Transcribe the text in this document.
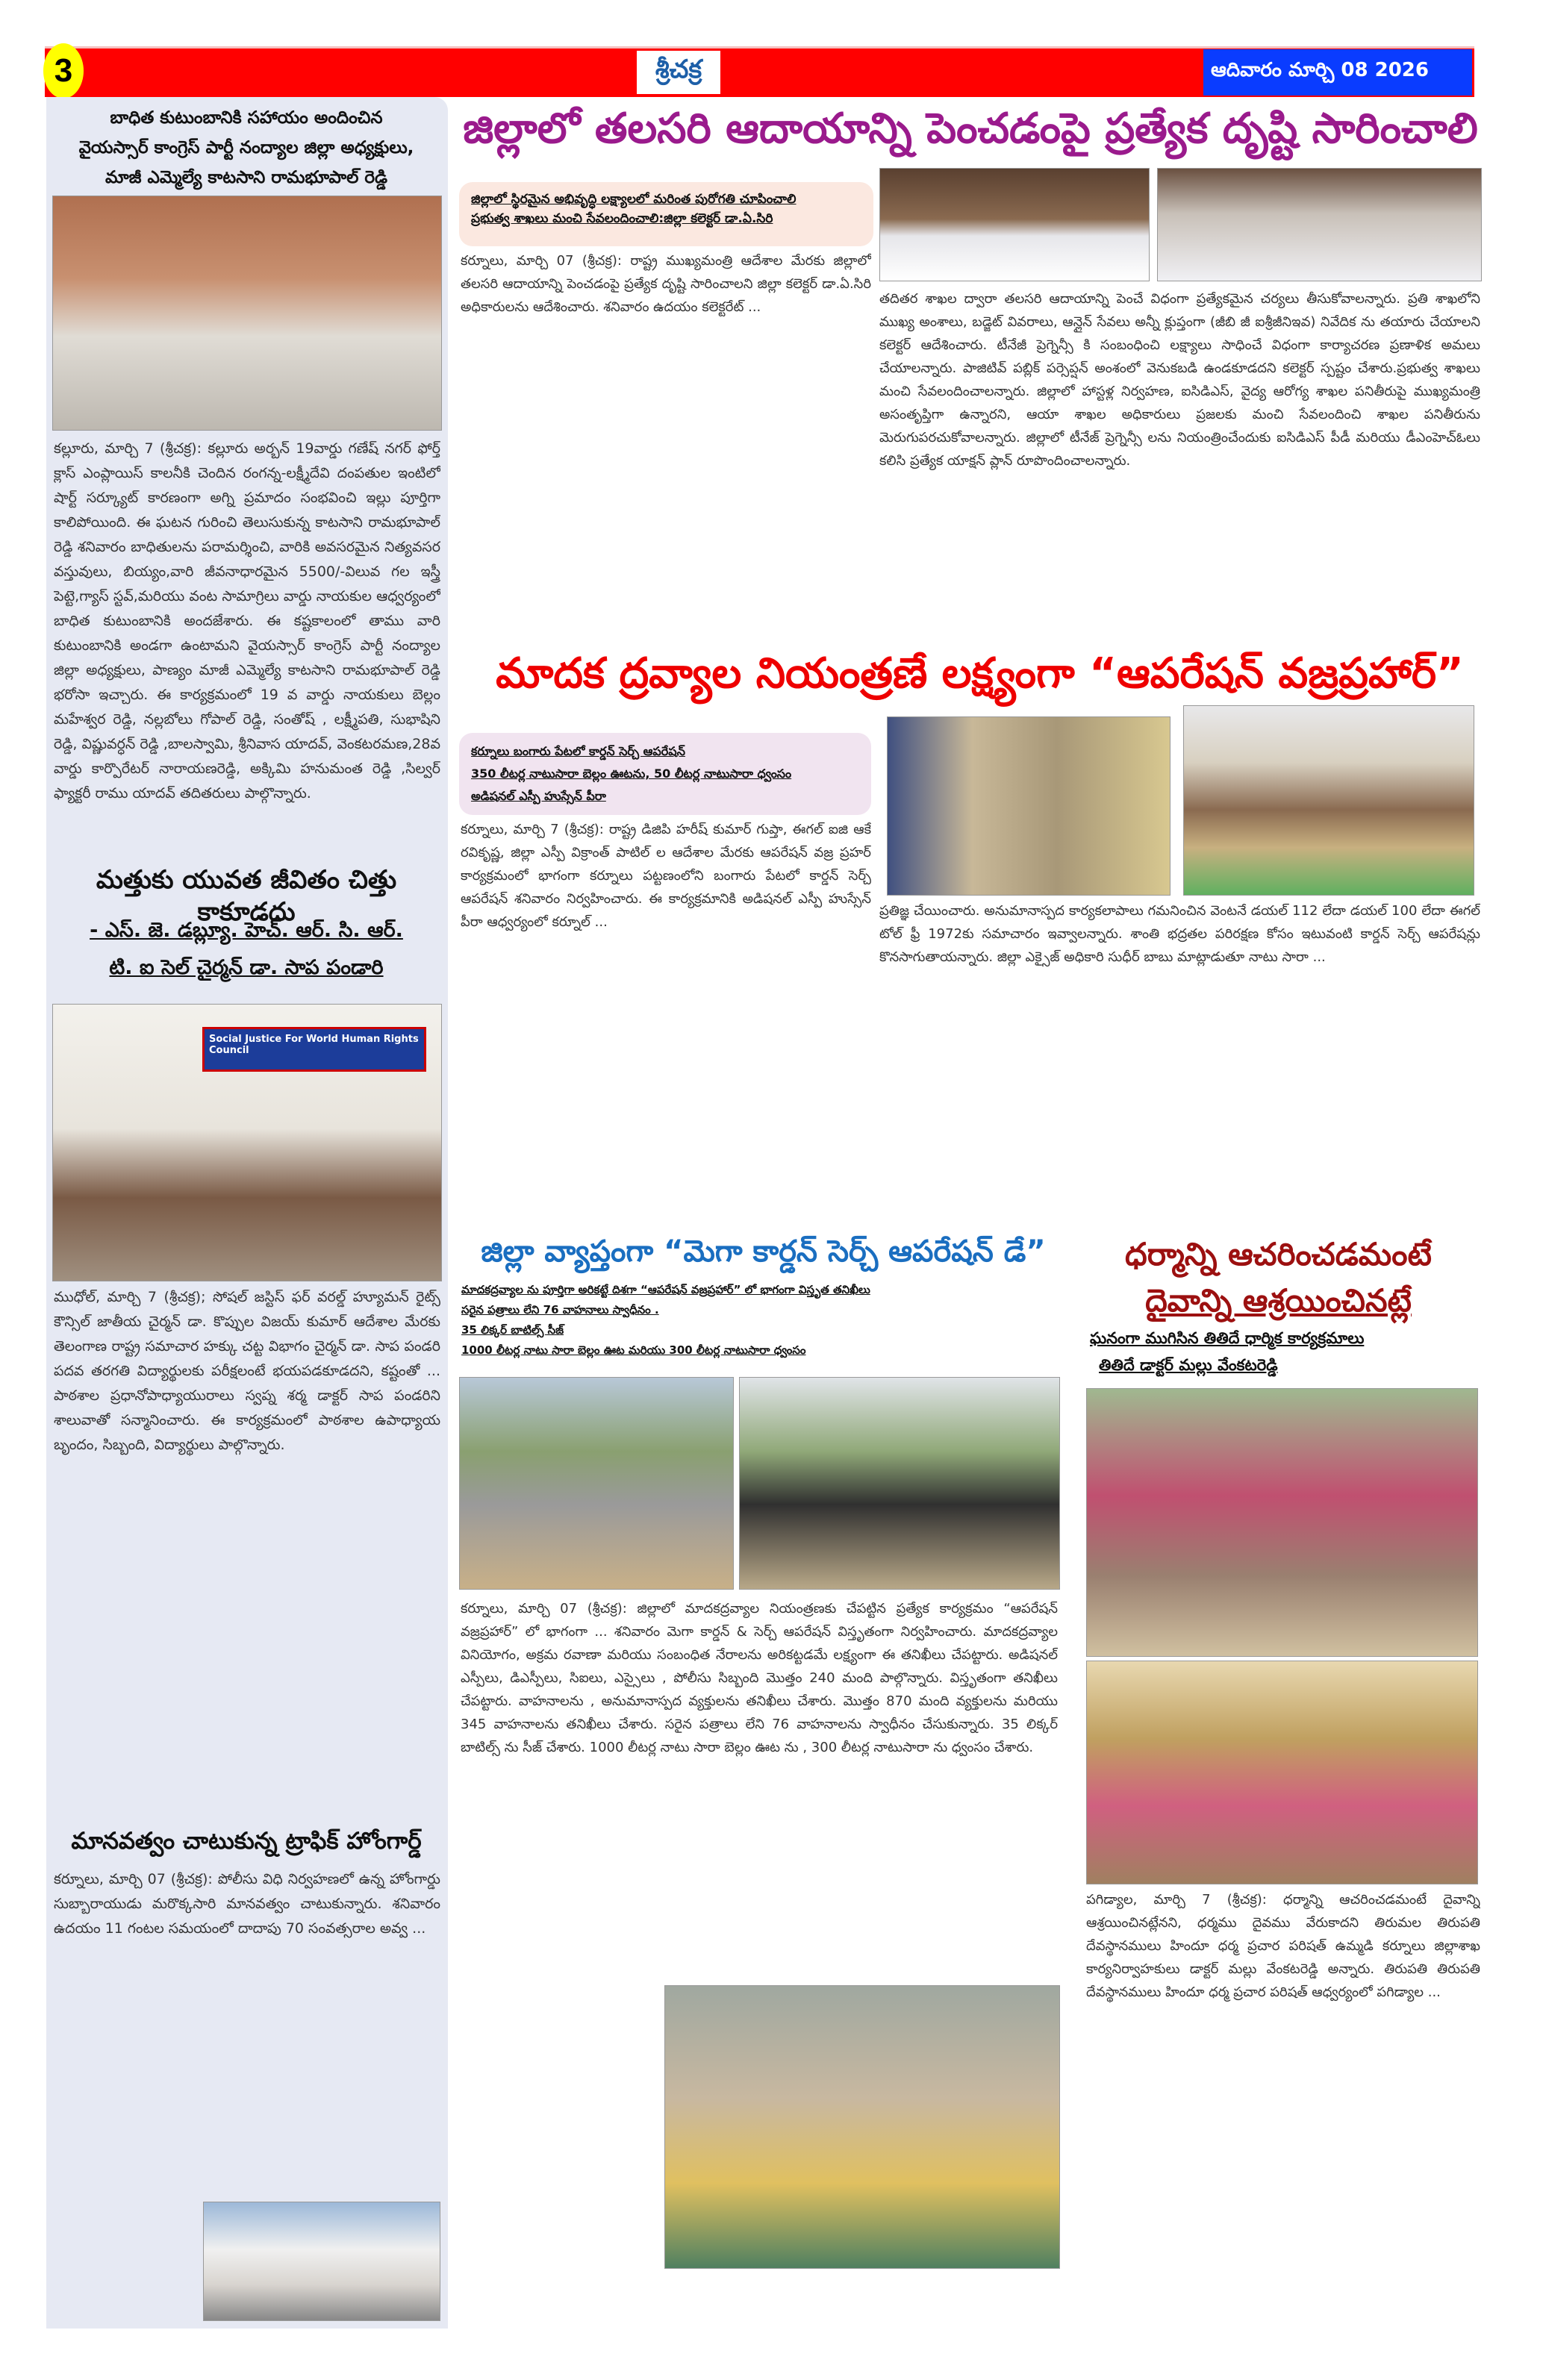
3	శ్రీచక్ర	ఆదివారం మార్చి 08 2026
బాధిత కుటుంబానికి సహాయం అందించిన
వైయస్సార్ కాంగ్రెస్ పార్టీ నంద్యాల జిల్లా అధ్యక్షులు,
మాజీ ఎమ్మెల్యే కాటసాని రామభూపాల్ రెడ్డి
కల్లూరు, మార్చి 7 (శ్రీచక్ర): కల్లూరు అర్బన్ 19వార్డు గణేష్ నగర్ ఫోర్త్ క్లాస్ ఎంప్లాయిస్ కాలనీకి చెందిన రంగన్న-లక్ష్మీదేవి దంపతుల ఇంటిలో షార్ట్ సర్క్యూట్ కారణంగా అగ్ని ప్రమాదం సంభవించి ఇల్లు పూర్తిగా కాలిపోయింది. ఈ ఘటన గురించి తెలుసుకున్న కాటసాని రామభూపాల్ రెడ్డి శనివారం బాధితులను పరామర్శించి, వారికి అవసరమైన నిత్యవసర వస్తువులు, బియ్యం,వారి జీవనాధారమైన 5500/-విలువ గల ఇస్త్రీ పెట్టె,గ్యాస్ స్టవ్,మరియు వంట సామాగ్రిలు వార్డు నాయకుల ఆధ్వర్యంలో బాధిత కుటుంబానికి అందజేశారు. ఈ కష్టకాలంలో తాము వారి కుటుంబానికి అండగా ఉంటామని వైయస్సార్ కాంగ్రెస్ పార్టీ నంద్యాల జిల్లా అధ్యక్షులు, పాణ్యం మాజీ ఎమ్మెల్యే కాటసాని రామభూపాల్ రెడ్డి భరోసా ఇచ్చారు. ఈ కార్యక్రమంలో 19 వ వార్డు నాయకులు బెల్లం మహేశ్వర రెడ్డి, నల్లబోలు గోపాల్ రెడ్డి, సంతోష్ , లక్ష్మీపతి, సుభాషిని రెడ్డి, విష్ణువర్ధన్ రెడ్డి ,బాలస్వామి, శ్రీనివాస యాదవ్, వెంకటరమణ,28వ వార్డు కార్పొరేటర్ నారాయణరెడ్డి, అక్కిమి హనుమంత రెడ్డి ,సిల్వర్ ఫ్యాక్టరీ రాము యాదవ్ తదితరులు పాల్గొన్నారు.
మత్తుకు యువత జీవితం చిత్తు కాకూడదు
- ఎస్. జె. డబ్ల్యూ. హెచ్. ఆర్. సి. ఆర్.
టి. ఐ సెల్ చైర్మన్ డా. సాప పండారి
Social Justice For World Human Rights Council
ముధోల్, మార్చి 7 (శ్రీచక్ర); సోషల్ జస్టిస్ ఫర్ వరల్డ్ హ్యూమన్ రైట్స్ కౌన్సిల్ జాతీయ చైర్మన్ డా. కొప్పుల విజయ్ కుమార్ ఆదేశాల మేరకు తెలంగాణ రాష్ట్ర సమాచార హక్కు చట్ట విభాగం చైర్మన్ డా. సాప పండరి పదవ తరగతి విద్యార్థులకు పరీక్షలంటే భయపడకూడదని, కష్టంతో ... పాఠశాల ప్రధానోపాధ్యాయురాలు స్వప్న శర్మ డాక్టర్ సాప పండరిని శాలువాతో సన్మానించారు. ఈ కార్యక్రమంలో పాఠశాల ఉపాధ్యాయ బృందం, సిబ్బంది, విద్యార్థులు పాల్గొన్నారు.
మానవత్వం చాటుకున్న ట్రాఫిక్ హోంగార్డ్
కర్నూలు, మార్చి 07 (శ్రీచక్ర): పోలీసు విధి నిర్వహణలో ఉన్న హోంగార్డు సుబ్బారాయుడు మరొక్కసారి మానవత్వం చాటుకున్నారు. శనివారం ఉదయం 11 గంటల సమయంలో దాదాపు 70 సంవత్సరాల అవ్వ ...
జిల్లాలో తలసరి ఆదాయాన్ని పెంచడంపై ప్రత్యేక దృష్టి సారించాలి
జిల్లాలో స్థిరమైన అభివృద్ధి లక్ష్యాలలో మరింత పురోగతి చూపించాలి
ప్రభుత్వ శాఖలు మంచి సేవలందించాలి:జిల్లా కలెక్టర్ డా.ఏ.సిరి
కర్నూలు, మార్చి 07 (శ్రీచక్ర): రాష్ట్ర ముఖ్యమంత్రి ఆదేశాల మేరకు జిల్లాలో తలసరి ఆదాయాన్ని పెంచడంపై ప్రత్యేక దృష్టి సారించాలని జిల్లా కలెక్టర్ డా.ఏ.సిరి అధికారులను ఆదేశించారు. శనివారం ఉదయం కలెక్టరేట్ ...
తదితర శాఖల ద్వారా తలసరి ఆదాయాన్ని పెంచే విధంగా ప్రత్యేకమైన చర్యలు తీసుకోవాలన్నారు. ప్రతి శాఖలోని ముఖ్య అంశాలు, బడ్జెట్ వివరాలు, ఆన్లైన్ సేవలు అన్నీ క్లుప్తంగా (జీబి జీ ఐశ్రీజీనిఇవ) నివేదిక ను తయారు చేయాలని కలెక్టర్ ఆదేశించారు. టీనేజీ ప్రెగ్నెన్సీ కి సంబంధించి లక్ష్యాలు సాధించే విధంగా కార్యాచరణ ప్రణాళిక అమలు చేయాలన్నారు. పాజిటివ్ పబ్లిక్ పర్సెప్షన్ అంశంలో వెనుకబడి ఉండకూడదని కలెక్టర్ స్పష్టం చేశారు.ప్రభుత్వ శాఖలు మంచి సేవలందించాలన్నారు. జిల్లాలో హాస్టళ్ల నిర్వహణ, ఐసిడిఎస్, వైద్య ఆరోగ్య శాఖల పనితీరుపై ముఖ్యమంత్రి అసంతృప్తిగా ఉన్నారని, ఆయా శాఖల అధికారులు ప్రజలకు మంచి సేవలందించి శాఖల పనితీరును మెరుగుపరచుకోవాలన్నారు. జిల్లాలో టీనేజ్ ప్రెగ్నెన్సీ లను నియంత్రించేందుకు ఐసిడిఎస్ పీడీ మరియు డీఎంహెచ్ఓలు కలిసి ప్రత్యేక యాక్షన్ ప్లాన్ రూపొందించాలన్నారు.
మాదక ద్రవ్యాల నియంత్రణే లక్ష్యంగా “ఆపరేషన్ వజ్రప్రహార్”
కర్నూలు బంగారు పేటలో కార్డన్ సెర్చ్ ఆపరేషన్
350 లీటర్ల నాటుసారా బెల్లం ఊటను, 50 లీటర్ల నాటుసారా ధ్వంసం
అడిషనల్ ఎస్పీ హుస్సేన్ పీరా
కర్నూలు, మార్చి 7 (శ్రీచక్ర): రాష్ట్ర డిజిపి హరీష్ కుమార్ గుప్తా, ఈగల్ ఐజి ఆకే రవికృష్ణ, జిల్లా ఎస్పీ విక్రాంత్ పాటిల్ ల ఆదేశాల మేరకు ఆపరేషన్ వజ్ర ప్రహర్ కార్యక్రమంలో భాగంగా కర్నూలు పట్టణంలోని బంగారు పేటలో కార్డన్ సెర్చ్ ఆపరేషన్ శనివారం నిర్వహించారు. ఈ కార్యక్రమానికి అడిషనల్ ఎస్పీ హుస్సేన్ పీరా ఆధ్వర్యంలో కర్నూల్ ...
ప్రతిజ్ఞ చేయించారు. అనుమానాస్పద కార్యకలాపాలు గమనించిన వెంటనే డయల్ 112 లేదా డయల్ 100 లేదా ఈగల్ టోల్ ఫ్రీ 1972కు సమాచారం ఇవ్వాలన్నారు. శాంతి భద్రతల పరిరక్షణ కోసం ఇటువంటి కార్డన్ సెర్చ్ ఆపరేషన్లు కొనసాగుతాయన్నారు. జిల్లా ఎక్సైజ్ అధికారి సుధీర్ బాబు మాట్లాడుతూ నాటు సారా ...
జిల్లా వ్యాప్తంగా “మెగా కార్డన్ సెర్చ్ ఆపరేషన్ డే”
మాదకద్రవ్యాల ను పూర్తిగా అరికట్టే దిశగా “ఆపరేషన్ వజ్రప్రహార్” లో భాగంగా విస్తృత తనిఖీలు
సరైన పత్రాలు లేని 76 వాహనాలు స్వాధీనం .
35 లిక్కర్ బాటిల్స్ సీజ్
1000 లీటర్ల నాటు సారా బెల్లం ఊట మరియు 300 లీటర్ల నాటుసారా ధ్వంసం
కర్నూలు, మార్చి 07 (శ్రీచక్ర): జిల్లాలో మాదకద్రవ్యాల నియంత్రణకు చేపట్టిన ప్రత్యేక కార్యక్రమం “ఆపరేషన్ వజ్రప్రహార్” లో భాగంగా ... శనివారం మెగా కార్డన్ & సెర్చ్ ఆపరేషన్ విస్తృతంగా నిర్వహించారు. మాదకద్రవ్యాల వినియోగం, అక్రమ రవాణా మరియు సంబంధిత నేరాలను అరికట్టడమే లక్ష్యంగా ఈ తనిఖీలు చేపట్టారు. అడిషనల్ ఎస్పీలు, డిఎస్పీలు, సిఐలు, ఎస్సైలు , పోలీసు సిబ్బంది మొత్తం 240 మంది పాల్గొన్నారు. విస్తృతంగా తనిఖీలు చేపట్టారు. వాహనాలను , అనుమానాస్పద వ్యక్తులను తనిఖీలు చేశారు. మొత్తం 870 మంది వ్యక్తులను మరియు 345 వాహనాలను తనిఖీలు చేశారు. సరైన పత్రాలు లేని 76 వాహనాలను స్వాధీనం చేసుకున్నారు. 35 లిక్కర్ బాటిల్స్ ను సీజ్ చేశారు. 1000 లీటర్ల నాటు సారా బెల్లం ఊట ను , 300 లీటర్ల నాటుసారా ను ధ్వంసం చేశారు.
ధర్మాన్ని ఆచరించడమంటే
దైవాన్ని ఆశ్రయించినట్లే
ఘనంగా ముగిసిన తితిదే ధార్మిక కార్యక్రమాలు
తితిదే డాక్టర్ మల్లు వేంకటరెడ్డి
పగిడ్యాల, మార్చి 7 (శ్రీచక్ర): ధర్మాన్ని ఆచరించడమంటే దైవాన్ని ఆశ్రయించినట్లేనని, ధర్మము దైవము వేరుకాదని తిరుమల తిరుపతి దేవస్థానములు హిందూ ధర్మ ప్రచార పరిషత్ ఉమ్మడి కర్నూలు జిల్లాశాఖ కార్యనిర్వాహకులు డాక్టర్ మల్లు వేంకటరెడ్డి అన్నారు. తిరుపతి తిరుపతి దేవస్థానములు హిందూ ధర్మ ప్రచార పరిషత్ ఆధ్వర్యంలో పగిడ్యాల ...
